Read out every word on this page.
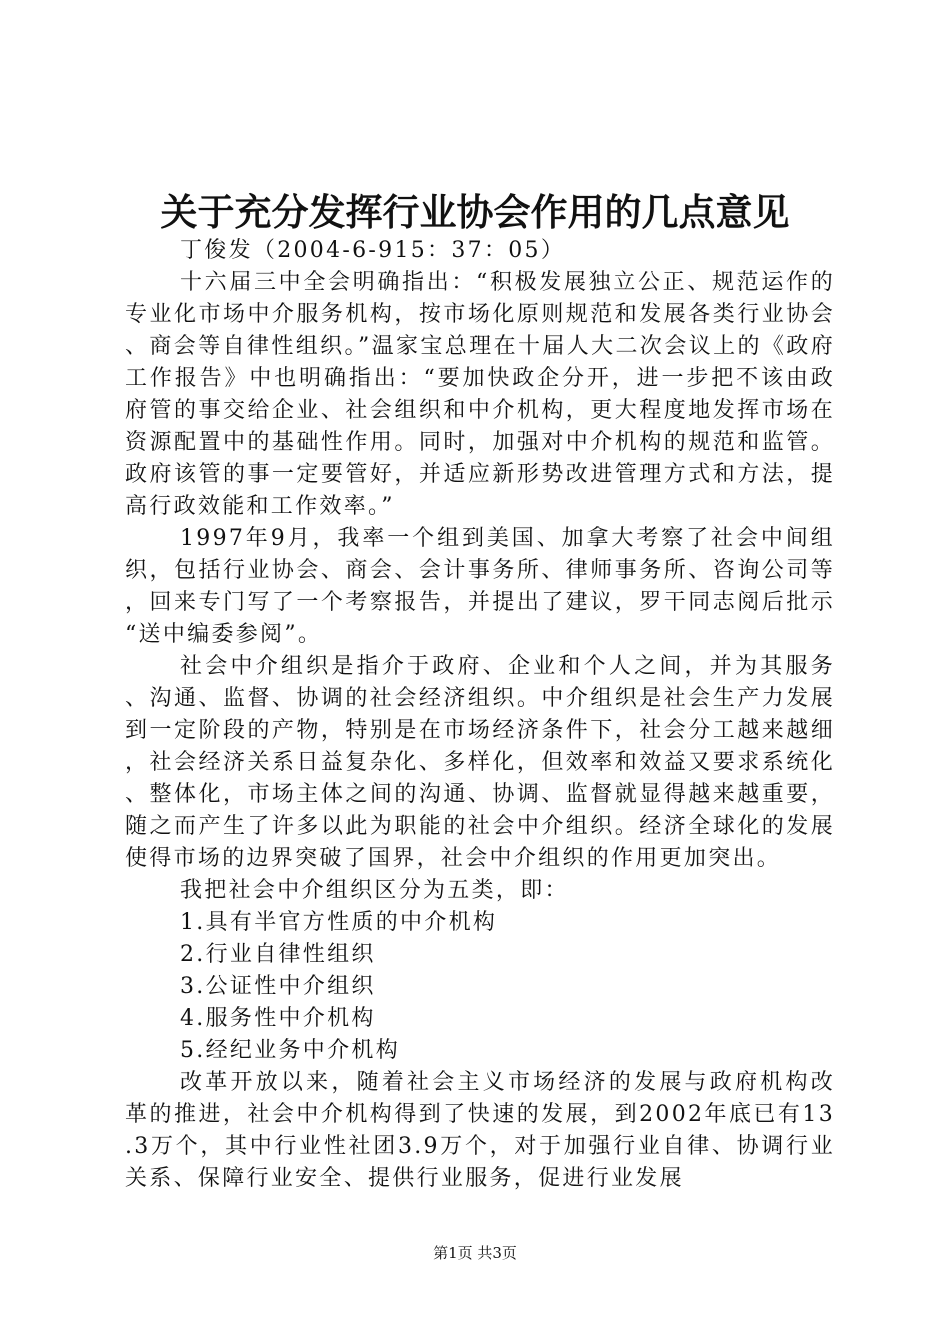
关于充分发挥行业协会作用的几点意见

丁俊发（2004-6-915：37：05）

十六届三中全会明确指出：“积极发展独立公正、规范运作的专业化市场中介服务机构，按市场化原则规范和发展各类行业协会、商会等自律性组织。”温家宝总理在十届人大二次会议上的《政府工作报告》中也明确指出：“要加快政企分开，进一步把不该由政府管的事交给企业、社会组织和中介机构，更大程度地发挥市场在资源配置中的基础性作用。同时，加强对中介机构的规范和监管。政府该管的事一定要管好，并适应新形势改进管理方式和方法，提高行政效能和工作效率。”

1997年9月，我率一个组到美国、加拿大考察了社会中间组织，包括行业协会、商会、会计事务所、律师事务所、咨询公司等，回来专门写了一个考察报告，并提出了建议，罗干同志阅后批示“送中编委参阅”。

社会中介组织是指介于政府、企业和个人之间，并为其服务、沟通、监督、协调的社会经济组织。中介组织是社会生产力发展到一定阶段的产物，特别是在市场经济条件下，社会分工越来越细，社会经济关系日益复杂化、多样化，但效率和效益又要求系统化、整体化，市场主体之间的沟通、协调、监督就显得越来越重要，随之而产生了许多以此为职能的社会中介组织。经济全球化的发展使得市场的边界突破了国界，社会中介组织的作用更加突出。

我把社会中介组织区分为五类，即：

1.具有半官方性质的中介机构

2.行业自律性组织

3.公证性中介组织

4.服务性中介机构

5.经纪业务中介机构

改革开放以来，随着社会主义市场经济的发展与政府机构改革的推进，社会中介机构得到了快速的发展，到2002年底已有13.3万个，其中行业性社团3.9万个，对于加强行业自律、协调行业关系、保障行业安全、提供行业服务，促进行业发展

第1页 共3页
